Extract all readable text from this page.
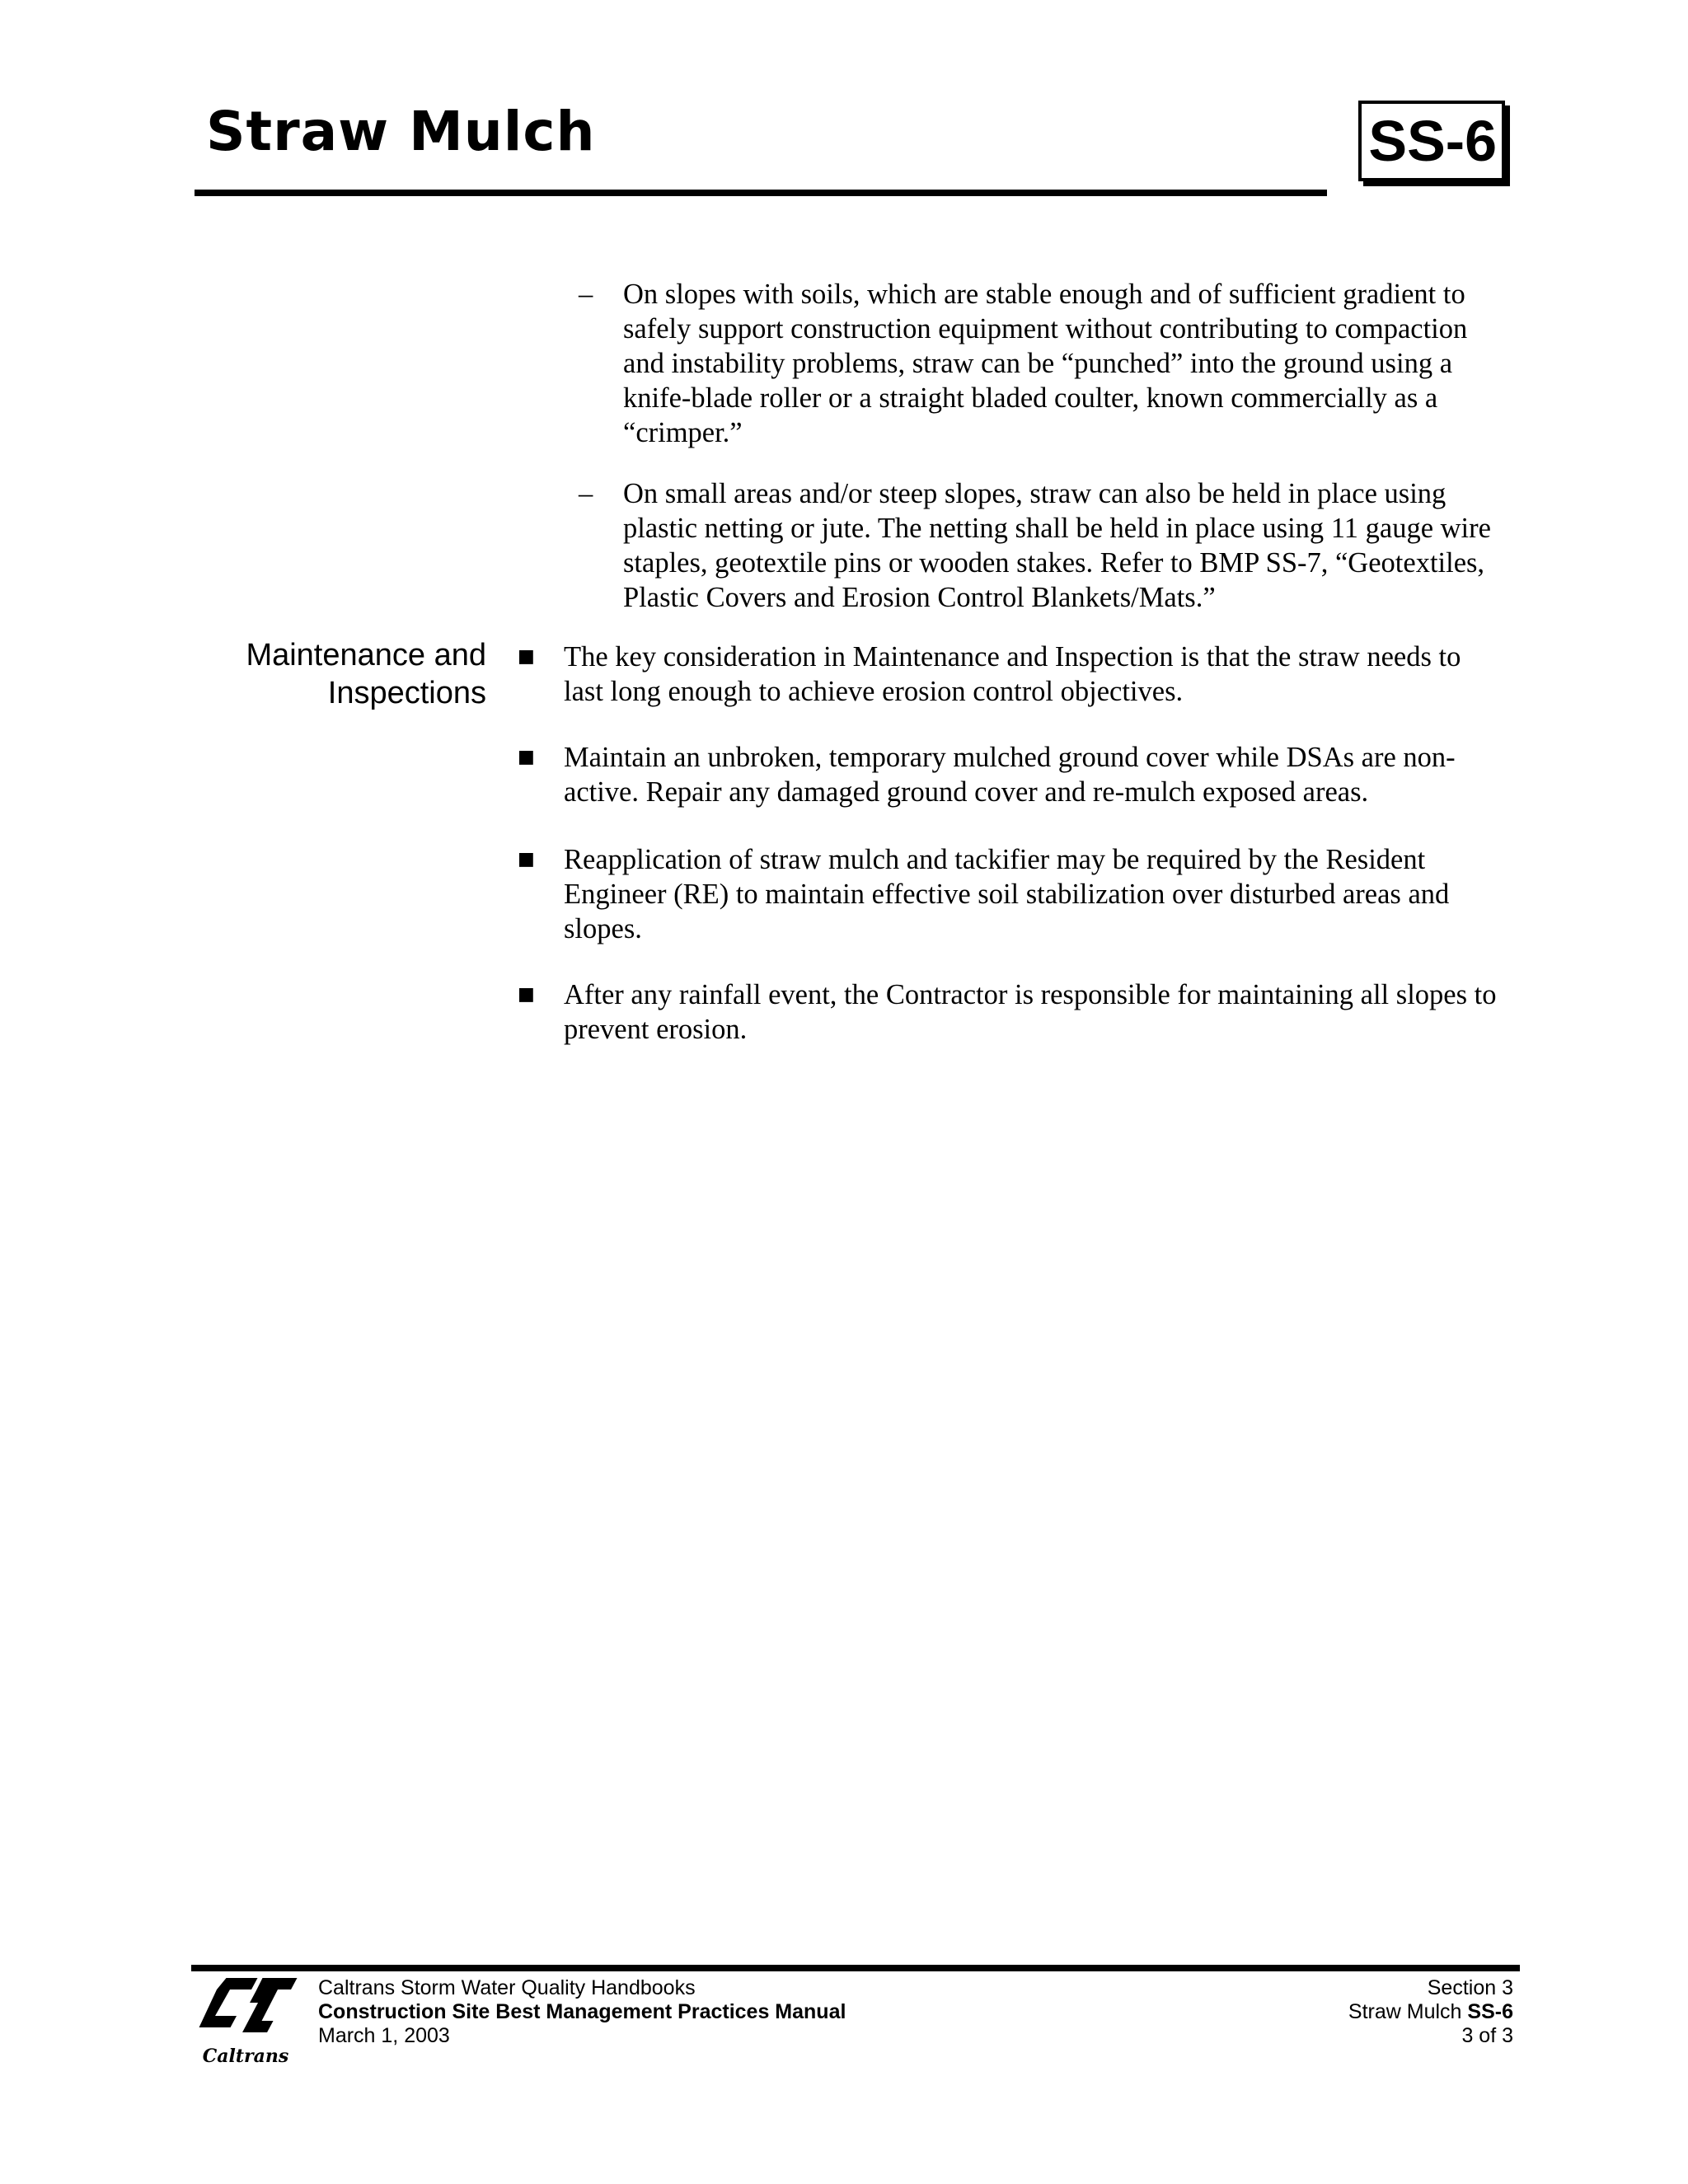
Straw Mulch	SS-6
– On slopes with soils, which are stable enough and of sufficient gradient to safely support construction equipment without contributing to compaction and instability problems, straw can be “punched” into the ground using a knife-blade roller or a straight bladed coulter, known commercially as a “crimper.”
– On small areas and/or steep slopes, straw can also be held in place using plastic netting or jute. The netting shall be held in place using 11 gauge wire staples, geotextile pins or wooden stakes. Refer to BMP SS-7, “Geotextiles, Plastic Covers and Erosion Control Blankets/Mats.”
Maintenance and
Inspections
■ The key consideration in Maintenance and Inspection is that the straw needs to last long enough to achieve erosion control objectives.
■ Maintain an unbroken, temporary mulched ground cover while DSAs are non-active. Repair any damaged ground cover and re-mulch exposed areas.
■ Reapplication of straw mulch and tackifier may be required by the Resident Engineer (RE) to maintain effective soil stabilization over disturbed areas and slopes.
■ After any rainfall event, the Contractor is responsible for maintaining all slopes to prevent erosion.
Caltrans
Caltrans Storm Water Quality Handbooks
Construction Site Best Management Practices Manual
March 1, 2003
Section 3
Straw Mulch SS-6
3 of 3
